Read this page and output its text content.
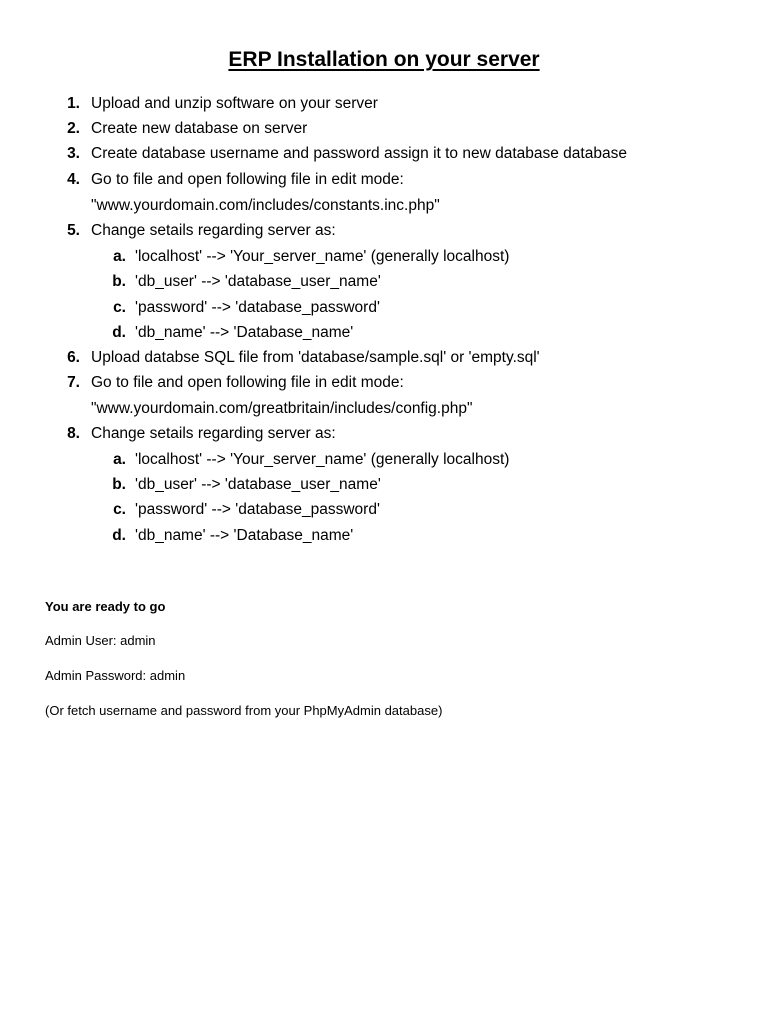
ERP Installation on your server
1. Upload and unzip software on your server
2. Create new database on server
3. Create database username and password assign it to new database database
4. Go to file and open following file in edit mode:
"www.yourdomain.com/includes/constants.inc.php"
5. Change setails regarding server as:
a. 'localhost' --> 'Your_server_name' (generally localhost)
b. 'db_user' --> 'database_user_name'
c. 'password' --> 'database_password'
d. 'db_name' --> 'Database_name'
6. Upload databse SQL file from 'database/sample.sql' or 'empty.sql'
7. Go to file and open following file in edit mode:
"www.yourdomain.com/greatbritain/includes/config.php"
8. Change setails regarding server as:
a. 'localhost' --> 'Your_server_name' (generally localhost)
b. 'db_user' --> 'database_user_name'
c. 'password' --> 'database_password'
d. 'db_name' --> 'Database_name'
You are ready to go
Admin User: admin
Admin Password: admin
(Or fetch username and password from your PhpMyAdmin database)
